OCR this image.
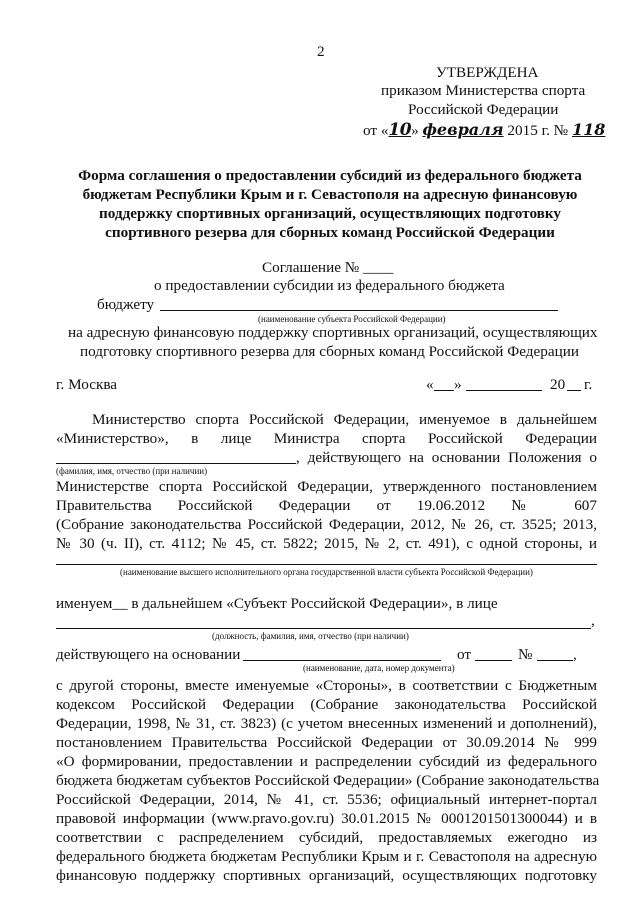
2
УТВЕРЖДЕНА
приказом Министерства спорта
Российской Федерации
от «10» февраля 2015 г. № 118
Форма соглашения о предоставлении субсидий из федерального бюджета
бюджетам Республики Крым и г. Севастополя на адресную финансовую
поддержку спортивных организаций, осуществляющих подготовку
спортивного резерва для сборных команд Российской Федерации
Соглашение № ____
о предоставлении субсидии из федерального бюджета
бюджету
(наименование субъекта Российской Федерации)
на адресную финансовую поддержку спортивных организаций, осуществляющих
подготовку спортивного резерва для сборных команд Российской Федерации
г. Москва	« »	20 г.
Министерство спорта Российской Федерации, именуемое в дальнейшем
«Министерство», в лице Министра спорта Российской Федерации
, действующего на основании Положения о
(фамилия, имя, отчество (при наличии)
Министерстве спорта Российской Федерации, утвержденного постановлением
Правительства Российской Федерации от 19.06.2012 № 607
(Собрание законодательства Российской Федерации, 2012, № 26, ст. 3525; 2013,
№ 30 (ч. II), ст. 4112; № 45, ст. 5822; 2015, № 2, ст. 491), с одной стороны, и
(наименование высшего исполнительного органа государственной власти субъекта Российской Федерации)
именуем__ в дальнейшем «Субъект Российской Федерации», в лице
,
(должность, фамилия, имя, отчество (при наличии)
действующего на основании	от	№	,
(наименование, дата, номер документа)
с другой стороны, вместе именуемые «Стороны», в соответствии с Бюджетным
кодексом Российской Федерации (Собрание законодательства Российской
Федерации, 1998, № 31, ст. 3823) (с учетом внесенных изменений и дополнений),
постановлением Правительства Российской Федерации от 30.09.2014 № 999
«О формировании, предоставлении и распределении субсидий из федерального
бюджета бюджетам субъектов Российской Федерации» (Собрание законодательства
Российской Федерации, 2014, № 41, ст. 5536; официальный интернет-портал
правовой информации (www.pravo.gov.ru) 30.01.2015 № 0001201501300044) и в
соответствии с распределением субсидий, предоставляемых ежегодно из
федерального бюджета бюджетам Республики Крым и г. Севастополя на адресную
финансовую поддержку спортивных организаций, осуществляющих подготовку
